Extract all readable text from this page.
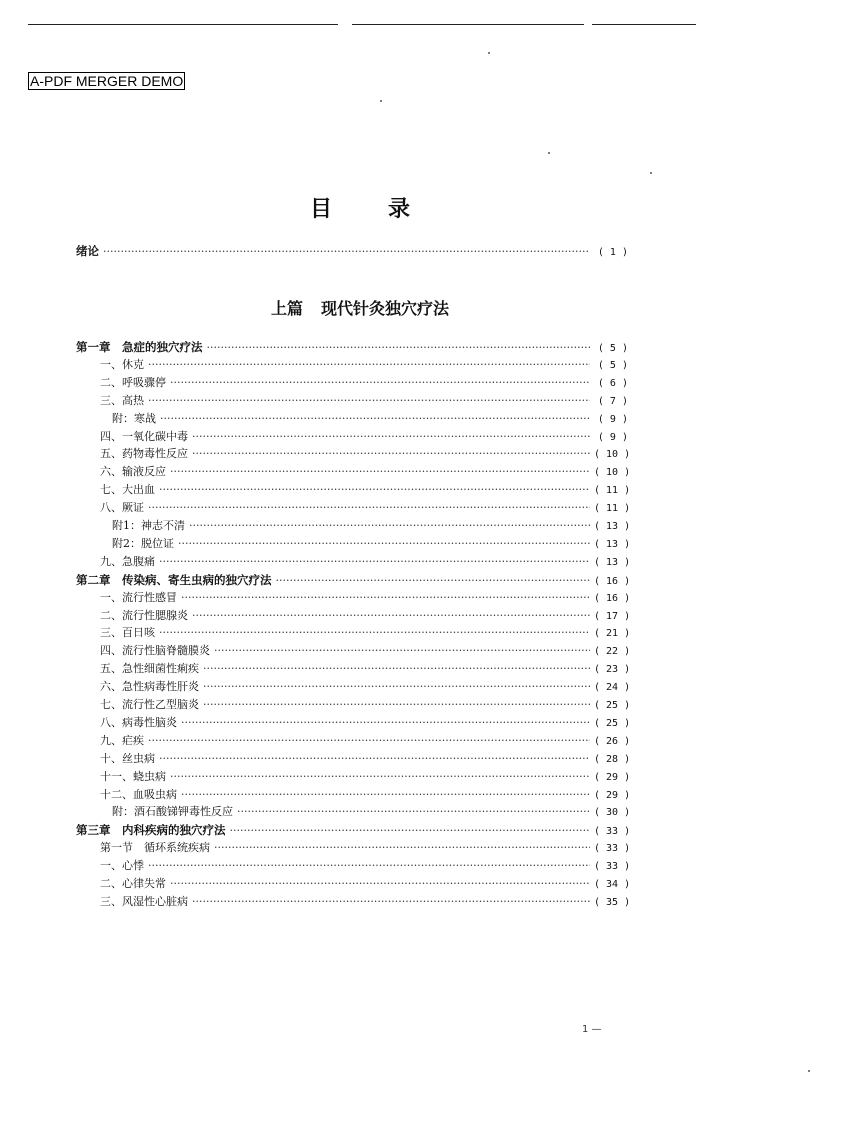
A-PDF MERGER DEMO
目录
绪论 ·····	( 1 )
上篇 现代针灸独穴疗法
第一章　急症的独穴疗法 ·····	( 5 )
一、休克 ·····	( 5 )
二、呼吸骤停 ·····	( 6 )
三、高热 ·····	( 7 )
附：寒战 ·····	( 9 )
四、一氧化碳中毒 ·····	( 9 )
五、药物毒性反应 ·····	( 10 )
六、输液反应 ·····	( 10 )
七、大出血 ·····	( 11 )
八、厥证 ·····	( 11 )
附1：神志不清 ·····	( 13 )
附2：脱位证 ·····	( 13 )
九、急腹痛 ·····	( 13 )
第二章　传染病、寄生虫病的独穴疗法 ·····	( 16 )
一、流行性感冒 ·····	( 16 )
二、流行性腮腺炎 ·····	( 17 )
三、百日咳 ·····	( 21 )
四、流行性脑脊髓膜炎 ·····	( 22 )
五、急性细菌性痢疾 ·····	( 23 )
六、急性病毒性肝炎 ·····	( 24 )
七、流行性乙型脑炎 ·····	( 25 )
八、病毒性脑炎 ·····	( 25 )
九、疟疾 ·····	( 26 )
十、丝虫病 ·····	( 28 )
十一、蛲虫病 ·····	( 29 )
十二、血吸虫病 ·····	( 29 )
附：酒石酸锑钾毒性反应 ·····	( 30 )
第三章　内科疾病的独穴疗法 ·····	( 33 )
第一节　循环系统疾病 ·····	( 33 )
一、心悸 ·····	( 33 )
二、心律失常 ·····	( 34 )
三、风湿性心脏病 ·····	( 35 )
1 —
